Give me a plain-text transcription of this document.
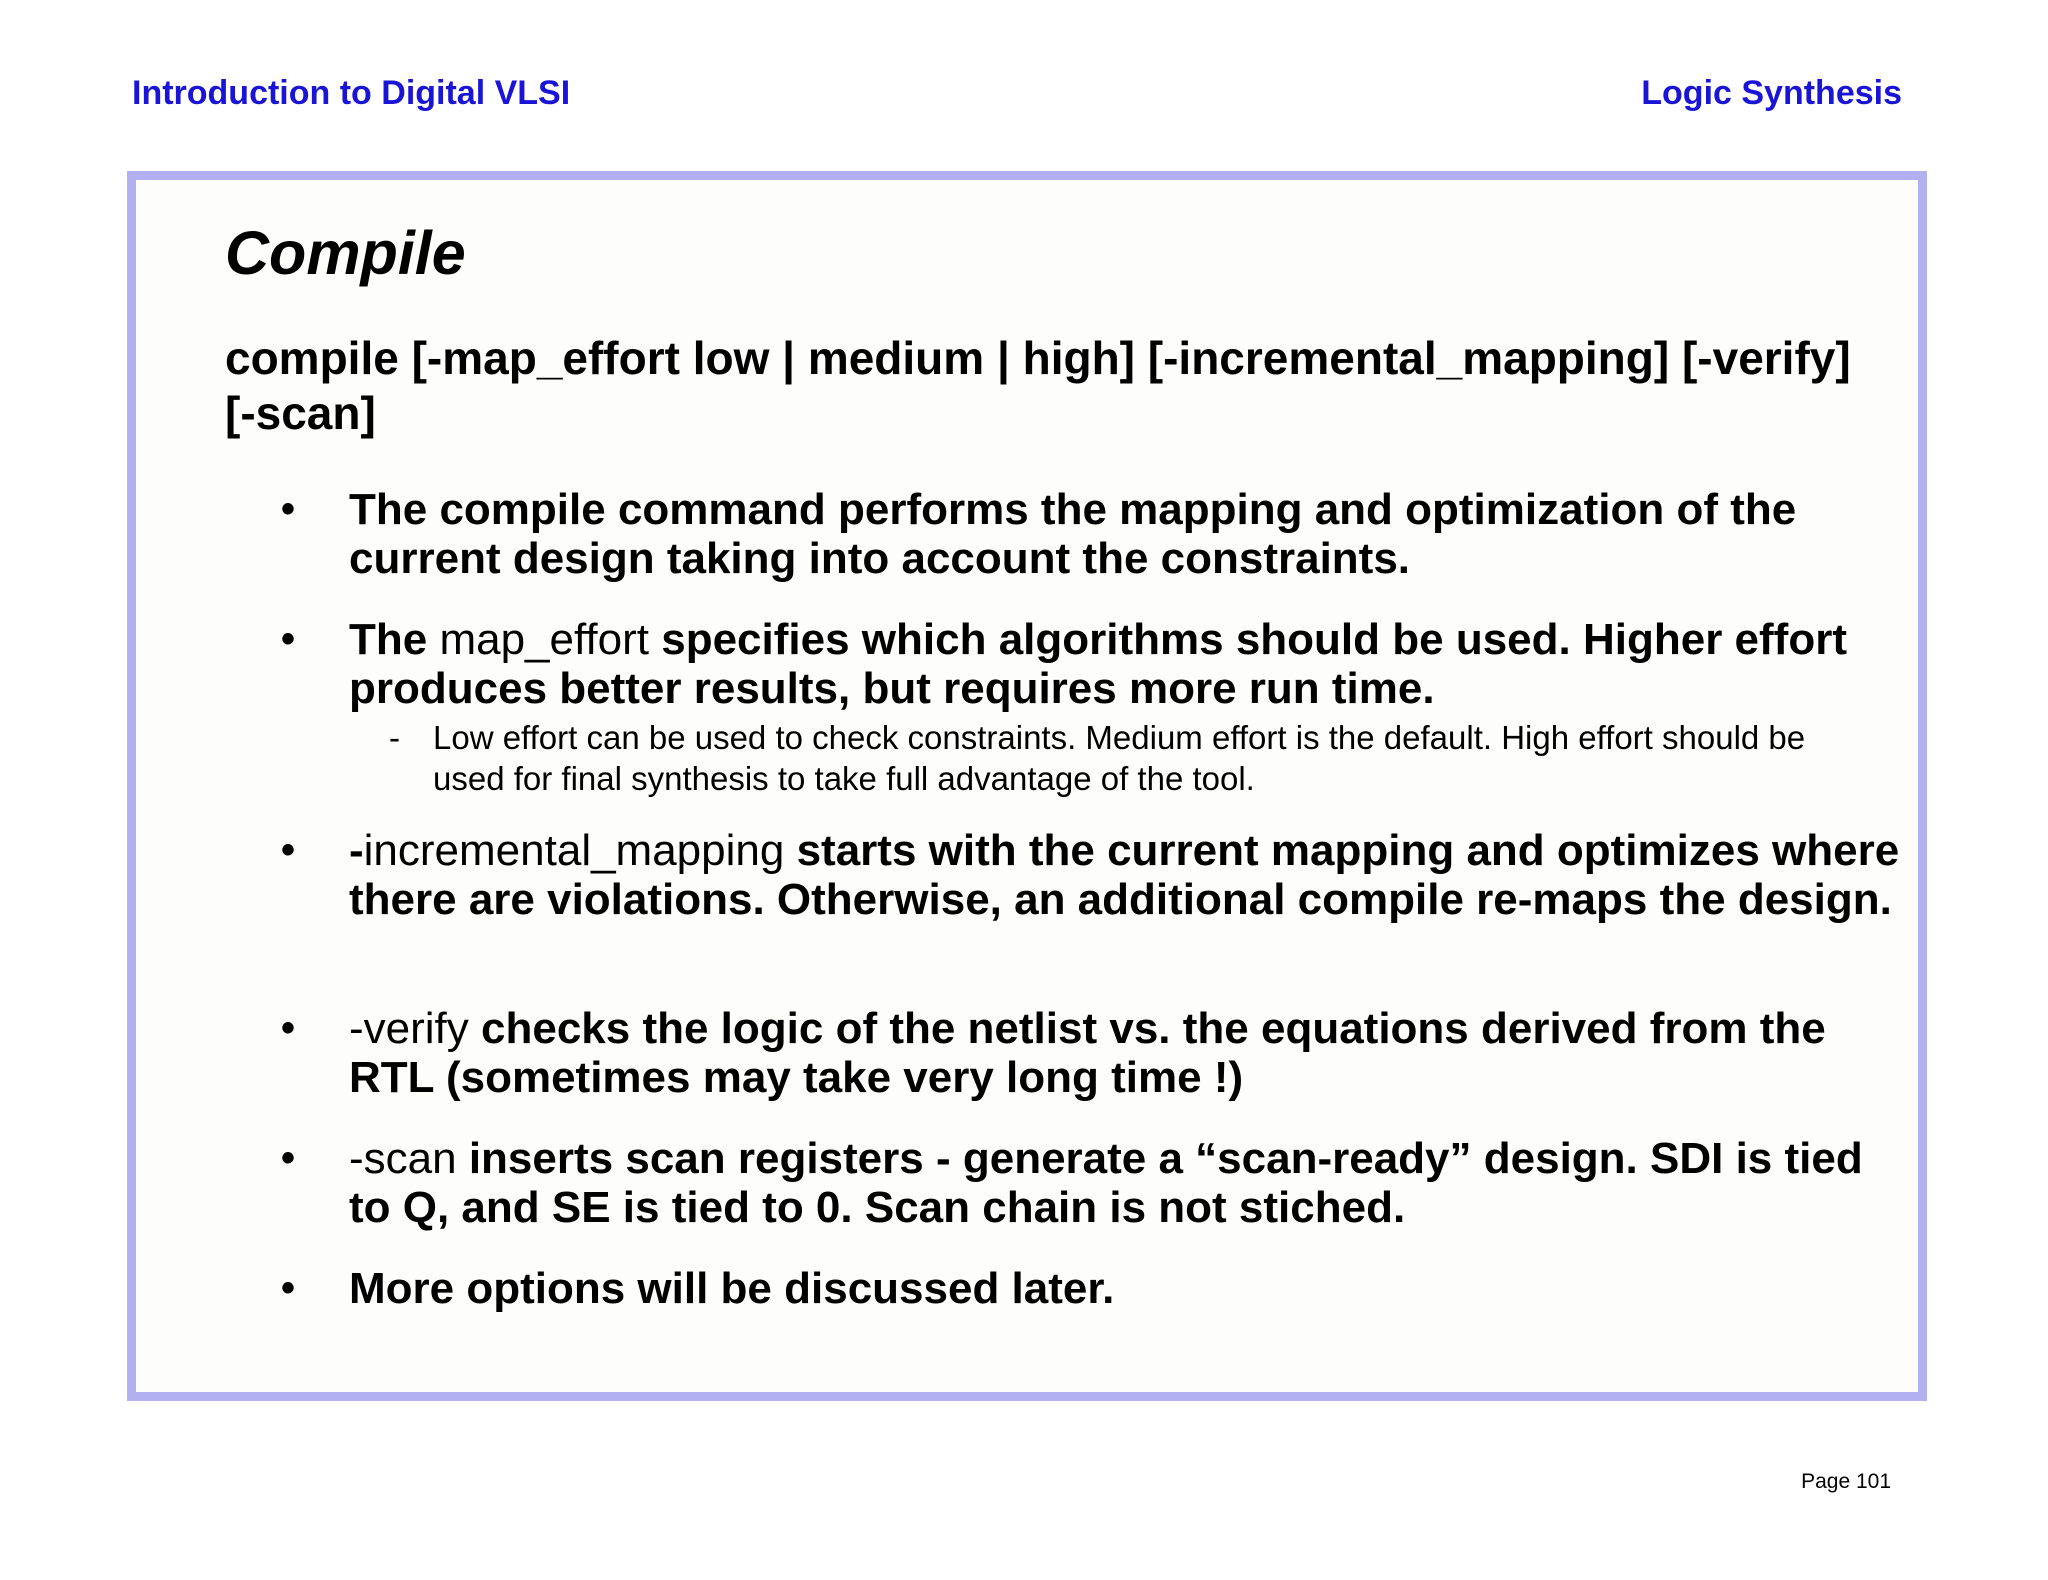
Introduction to Digital VLSI	Logic Synthesis
Compile
compile [-map_effort low | medium | high] [-incremental_mapping] [-verify] [-scan]
• The compile command performs the mapping and optimization of the current design taking into account the constraints.
• The map_effort specifies which algorithms should be used. Higher effort produces better results, but requires more run time.
- Low effort can be used to check constraints. Medium effort is the default. High effort should be used for final synthesis to take full advantage of the tool.
• -incremental_mapping starts with the current mapping and optimizes where there are violations. Otherwise, an additional compile re-maps the design.
• -verify checks the logic of the netlist vs. the equations derived from the RTL (sometimes may take very long time !)
• -scan inserts scan registers - generate a “scan-ready” design. SDI is tied to Q, and SE is tied to 0. Scan chain is not stiched.
• More options will be discussed later.
Page 101
